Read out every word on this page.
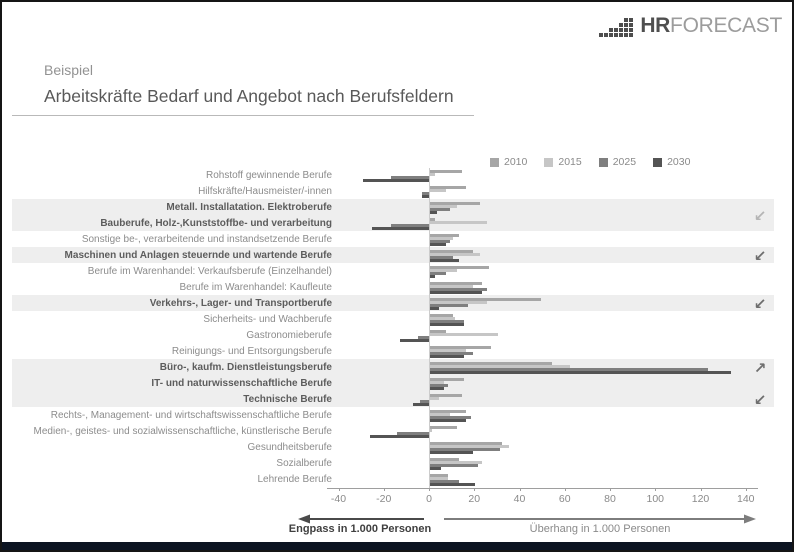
HRFORECAST
Beispiel
Arbeitskräfte Bedarf und Angebot nach Berufsfeldern
Rohstoff gewinnende Berufe
Hilfskräfte/Hausmeister/-innen
Metall. Installatation. Elektroberufe
Bauberufe, Holz-,Kunststoffbe- und verarbeitung
Sonstige be-, verarbeitende und instandsetzende Berufe
Maschinen und Anlagen steuernde und wartende Berufe
Berufe im Warenhandel: Verkaufsberufe (Einzelhandel)
Berufe im Warenhandel: Kaufleute
Verkehrs-, Lager- und Transportberufe
Sicherheits- und Wachberufe
Gastronomieberufe
Reinigungs- und Entsorgungsberufe
Büro-, kaufm. Dienstleistungsberufe
IT- und naturwissenschaftliche Berufe
Technische Berufe
Rechts-, Management- und wirtschaftswissenschaftliche Berufe
Medien-, geistes- und sozialwissenschaftliche, künstlerische Berufe
Gesundheitsberufe
Sozialberufe
Lehrende Berufe
-40	-20	0	20	40	60	80	100	120	140
2010	2015	2025	2030
↙
↙
↙
↗
↙
Engpass in 1.000 Personen	Überhang in 1.000 Personen
